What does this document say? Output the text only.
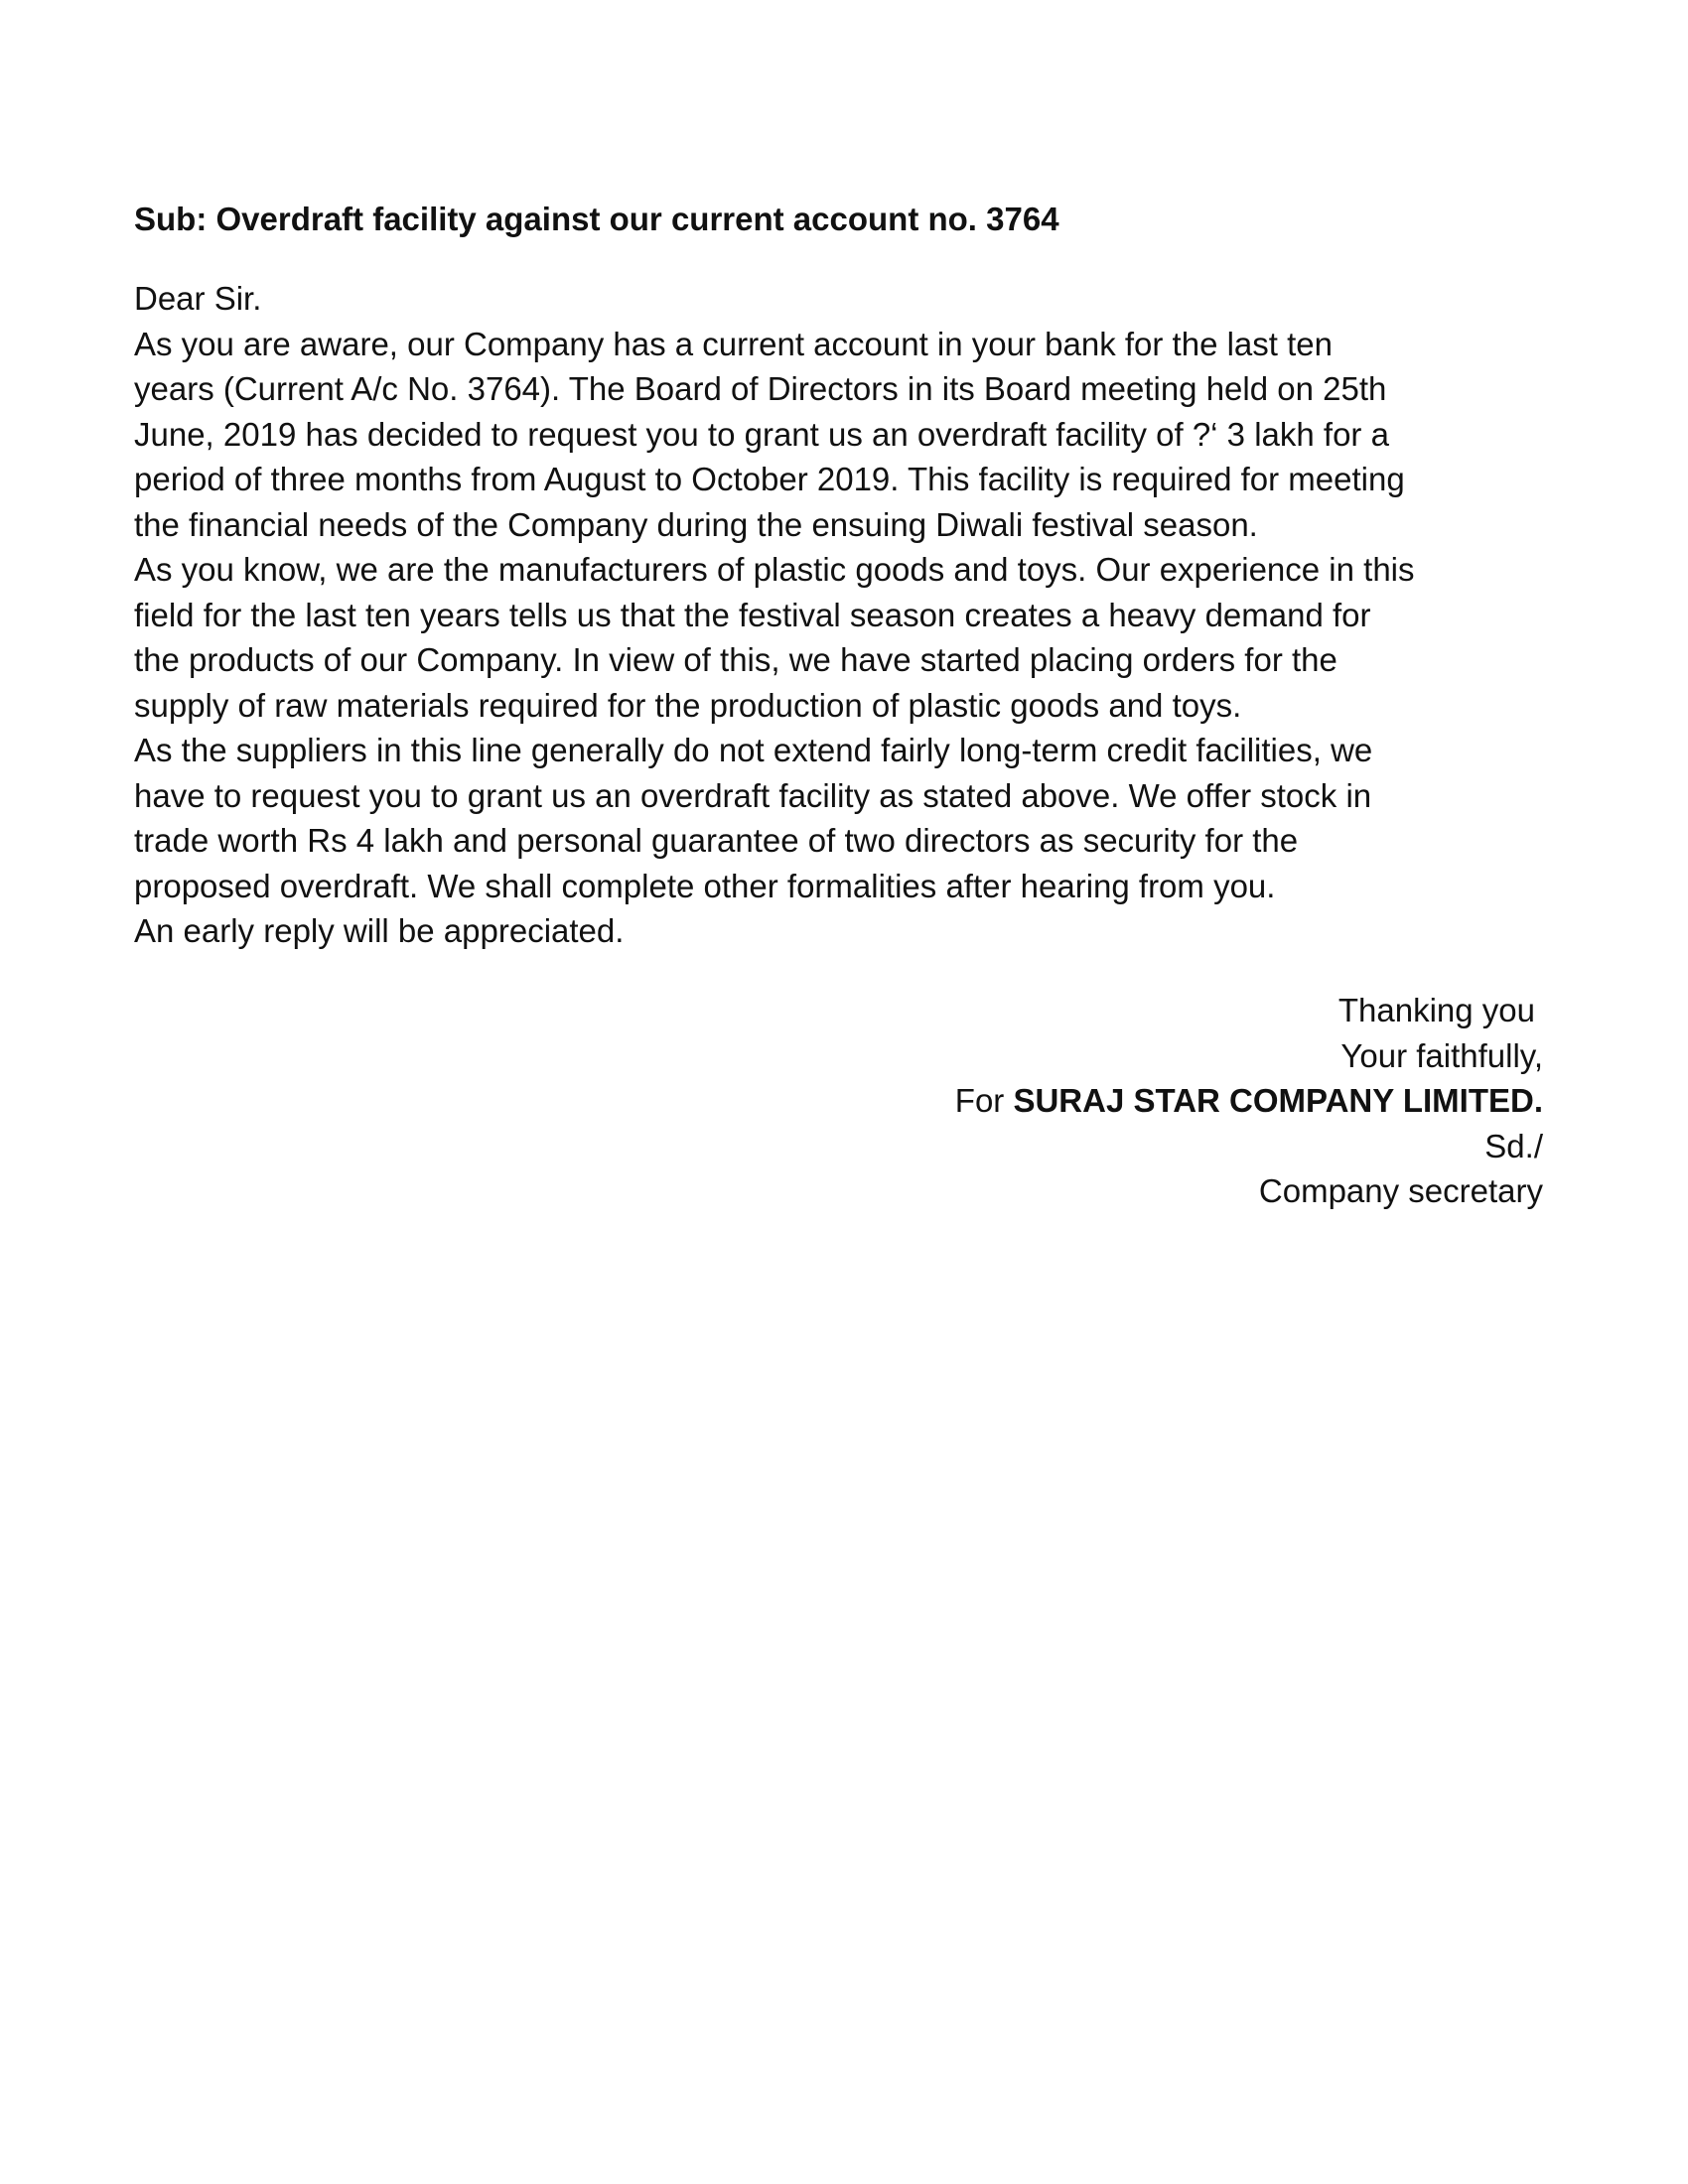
Sub: Overdraft facility against our current account no. 3764
Dear Sir.
As you are aware, our Company has a current account in your bank for the last ten
years (Current A/c No. 3764). The Board of Directors in its Board meeting held on 25th
June, 2019 has decided to request you to grant us an overdraft facility of ?‘ 3 lakh for a
period of three months from August to October 2019. This facility is required for meeting
the financial needs of the Company during the ensuing Diwali festival season.
As you know, we are the manufacturers of plastic goods and toys. Our experience in this
field for the last ten years tells us that the festival season creates a heavy demand for
the products of our Company. In view of this, we have started placing orders for the
supply of raw materials required for the production of plastic goods and toys.
As the suppliers in this line generally do not extend fairly long-term credit facilities, we
have to request you to grant us an overdraft facility as stated above. We offer stock in
trade worth Rs 4 lakh and personal guarantee of two directors as security for the
proposed overdraft. We shall complete other formalities after hearing from you.
An early reply will be appreciated.
Thanking you
Your faithfully,
For SURAJ STAR COMPANY LIMITED.
Sd./
Company secretary
